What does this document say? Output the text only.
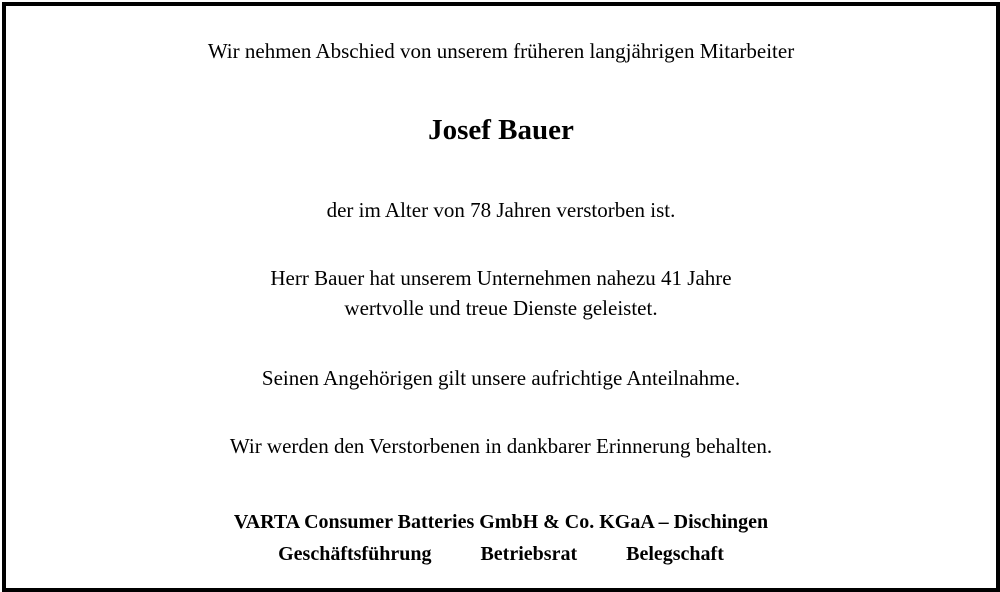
Wir nehmen Abschied von unserem früheren langjährigen Mitarbeiter
Josef Bauer
der im Alter von 78 Jahren verstorben ist.
Herr Bauer hat unserem Unternehmen nahezu 41 Jahre
wertvolle und treue Dienste geleistet.
Seinen Angehörigen gilt unsere aufrichtige Anteilnahme.
Wir werden den Verstorbenen in dankbarer Erinnerung behalten.
VARTA Consumer Batteries GmbH & Co. KGaA – Dischingen
Geschäftsführung Betriebsrat Belegschaft
